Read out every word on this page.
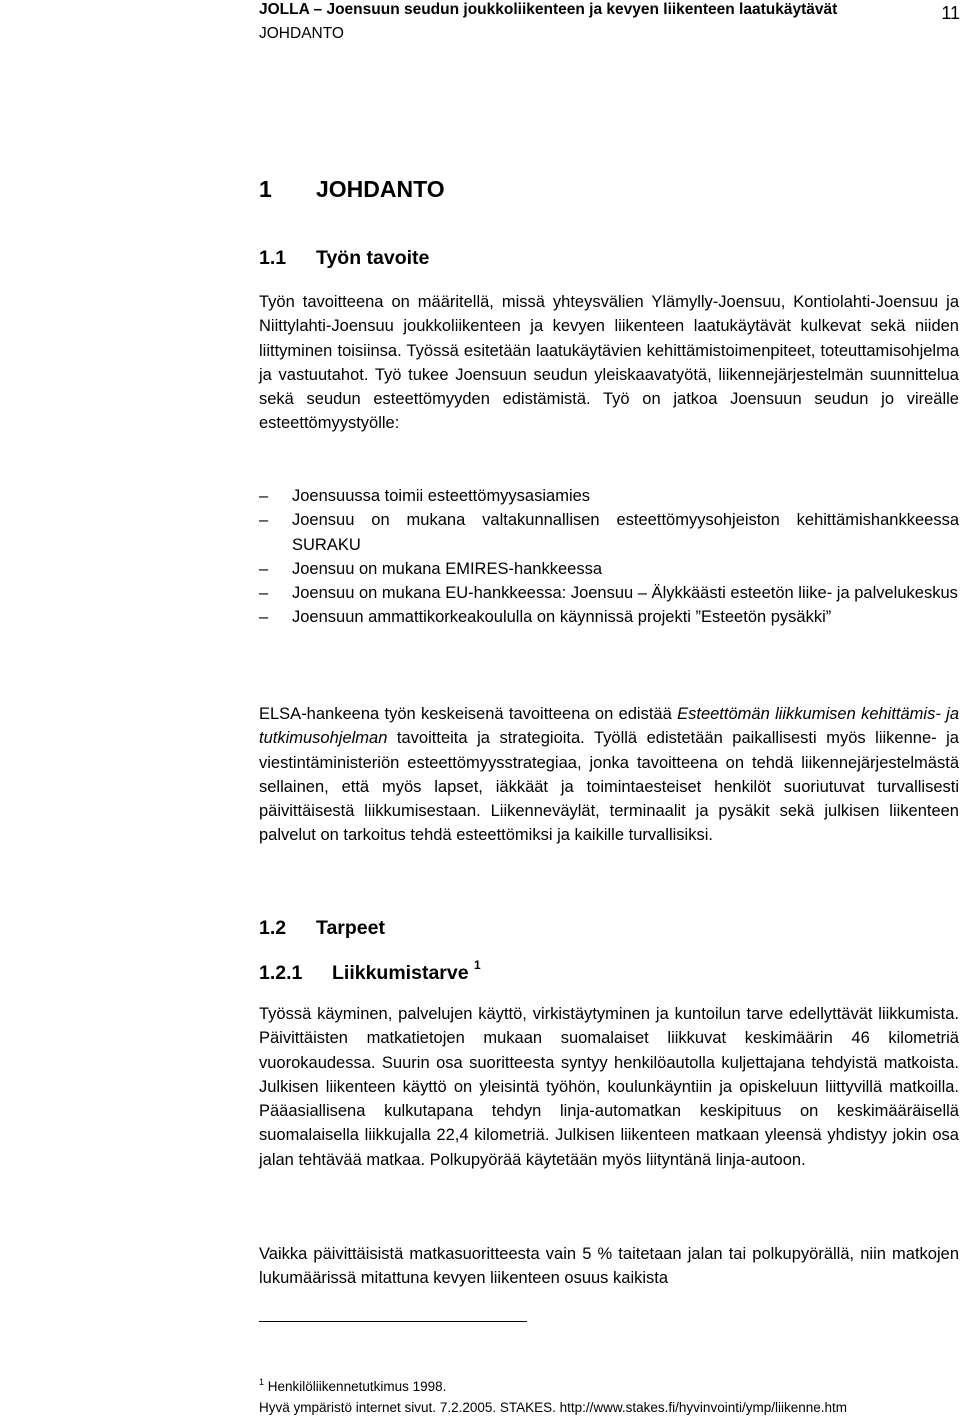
JOLLA – Joensuun seudun joukkoliikenteen ja kevyen liikenteen laatukäytävät
JOHDANTO
11
1 JOHDANTO
1.1 Työn tavoite

Työn tavoitteena on määritellä, missä yhteysvälien Ylämylly-Joensuu, Kontiolahti-Joensuu ja Niittylahti-Joensuu joukkoliikenteen ja kevyen liikenteen laatukäytävät kulkevat sekä niiden liittyminen toisiinsa. Työssä esitetään laatukäytävien kehittämistoimenpiteet, toteuttamisohjelma ja vastuutahot. Työ tukee Joensuun seudun yleiskaavatyötä, liikennejärjestelmän suunnittelua sekä seudun esteettömyyden edistämistä. Työ on jatkoa Joensuun seudun jo vireälle esteettömyystyölle:

–	Joensuussa toimii esteettömyysasiamies
–	Joensuu on mukana valtakunnallisen esteettömyysohjeiston kehittämishankkeessa SURAKU
–	Joensuu on mukana EMIRES-hankkeessa
–	Joensuu on mukana EU-hankkeessa: Joensuu – Älykkäästi esteetön liike- ja palvelukeskus
–	Joensuun ammattikorkeakoululla on käynnissä projekti ”Esteetön pysäkki”

ELSA-hankeena työn keskeisenä tavoitteena on edistää Esteettömän liikkumisen kehittämis- ja tutkimusohjelman tavoitteita ja strategioita. Työllä edistetään paikallisesti myös liikenne- ja viestintäministeriön esteettömyysstrategiaa, jonka tavoitteena on tehdä liikennejärjestelmästä sellainen, että myös lapset, iäkkäät ja toimintaesteiset henkilöt suoriutuvat turvallisesti päivittäisestä liikkumisestaan. Liikenneväylät, terminaalit ja pysäkit sekä julkisen liikenteen palvelut on tarkoitus tehdä esteettömiksi ja kaikille turvallisiksi.

1.2 Tarpeet
1.2.1 Liikkumistarve $^1$

Työssä käyminen, palvelujen käyttö, virkistäytyminen ja kuntoilun tarve edellyttävät liikkumista. Päivittäisten matkatietojen mukaan suomalaiset liikkuvat keskimäärin 46 kilometriä vuorokaudessa. Suurin osa suoritteesta syntyy henkilöautolla kuljettajana tehdyistä matkoista. Julkisen liikenteen käyttö on yleisintä työhön, koulunkäyntiin ja opiskeluun liittyvillä matkoilla. Pääasiallisena kulkutapana tehdyn linja-automatkan keskipituus on keskimääräisellä suomalaisella liikkujalla 22,4 kilometriä. Julkisen liikenteen matkaan yleensä yhdistyy jokin osa jalan tehtävää matkaa. Polkupyörää käytetään myös liityntänä linja-autoon.

Vaikka päivittäisistä matkasuoritteesta vain 5 % taitetaan jalan tai polkupyörällä, niin matkojen lukumäärissä mitattuna kevyen liikenteen osuus kaikista

$^1$ Henkilöliikennetutkimus 1998.
Hyvä ympäristö internet sivut. 7.2.2005. STAKES. http://www.stakes.fi/hyvinvointi/ymp/liikenne.htm
